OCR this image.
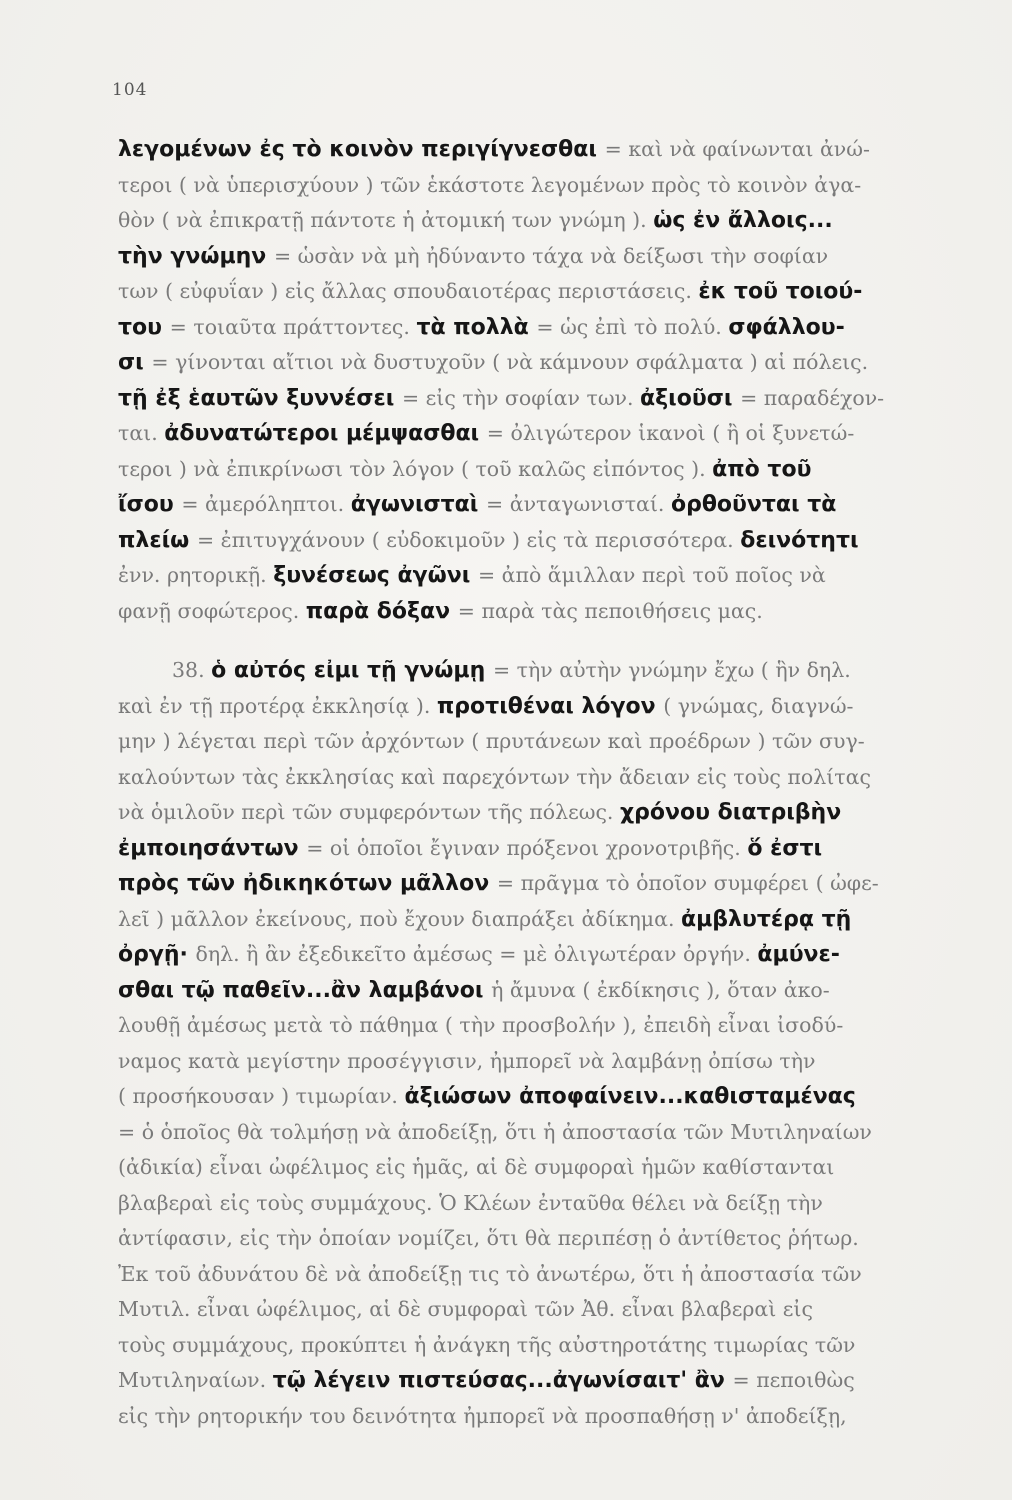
104
λεγομένων ἐς τὸ κοινὸν περιγίγνεσθαι = καὶ νὰ φαίνωνται ἀνώ-
τεροι ( νὰ ὑπερισχύουν ) τῶν ἑκάστοτε λεγομένων πρὸς τὸ κοινὸν ἀγα-
θὸν ( νὰ ἐπικρατῇ πάντοτε ἡ ἀτομική των γνώμη ). ὡς ἐν ἄλλοις...
τὴν γνώμην = ὡσὰν νὰ μὴ ἠδύναντο τάχα νὰ δείξωσι τὴν σοφίαν
των ( εὐφυΐαν ) εἰς ἄλλας σπουδαιοτέρας περιστάσεις. ἐκ τοῦ τοιού-
του = τοιαῦτα πράττοντες. τὰ πολλὰ = ὡς ἐπὶ τὸ πολύ. σφάλλου-
σι = γίνονται αἴτιοι νὰ δυστυχοῦν ( νὰ κάμνουν σφάλματα ) αἱ πόλεις.
τῇ ἐξ ἑαυτῶν ξυννέσει = εἰς τὴν σοφίαν των. ἀξιοῦσι = παραδέχον-
ται. ἀδυνατώτεροι μέμψασθαι = ὀλιγώτερον ἱκανοὶ ( ἢ οἱ ξυνετώ-
τεροι ) νὰ ἐπικρίνωσι τὸν λόγον ( τοῦ καλῶς εἰπόντος ). ἀπὸ τοῦ
ἴσου = ἀμερόληπτοι. ἀγωνισταὶ = ἀνταγωνισταί. ὀρθοῦνται τὰ
πλείω = ἐπιτυγχάνουν ( εὐδοκιμοῦν ) εἰς τὰ περισσότερα. δεινότητι
ἐνν. ρητορικῇ. ξυνέσεως ἀγῶνι = ἀπὸ ἅμιλλαν περὶ τοῦ ποῖος νὰ
φανῇ σοφώτερος. παρὰ δόξαν = παρὰ τὰς πεποιθήσεις μας.
38. ὁ αὐτός εἰμι τῇ γνώμῃ = τὴν αὐτὴν γνώμην ἔχω ( ἣν δηλ.
καὶ ἐν τῇ προτέρᾳ ἐκκλησίᾳ ). προτιθέναι λόγον ( γνώμας, διαγνώ-
μην ) λέγεται περὶ τῶν ἀρχόντων ( πρυτάνεων καὶ προέδρων ) τῶν συγ-
καλούντων τὰς ἐκκλησίας καὶ παρεχόντων τὴν ἄδειαν εἰς τοὺς πολίτας
νὰ ὁμιλοῦν περὶ τῶν συμφερόντων τῆς πόλεως. χρόνου διατριβὴν
ἐμποιησάντων = οἱ ὁποῖοι ἔγιναν πρόξενοι χρονοτριβῆς. ὅ ἐστι
πρὸς τῶν ἠδικηκότων μᾶλλον = πρᾶγμα τὸ ὁποῖον συμφέρει ( ὠφε-
λεῖ ) μᾶλλον ἐκείνους, ποὺ ἔχουν διαπράξει ἀδίκημα. ἀμβλυτέρᾳ τῇ
ὀργῇ· δηλ. ἢ ἂν ἐξεδικεῖτο ἀμέσως = μὲ ὀλιγωτέραν ὀργήν. ἀμύνε-
σθαι τῷ παθεῖν...ἂν λαμβάνοι ἡ ἄμυνα ( ἐκδίκησις ), ὅταν ἀκο-
λουθῇ ἀμέσως μετὰ τὸ πάθημα ( τὴν προσβολήν ), ἐπειδὴ εἶναι ἰσοδύ-
ναμος κατὰ μεγίστην προσέγγισιν, ἠμπορεῖ νὰ λαμβάνῃ ὀπίσω τὴν
( προσήκουσαν ) τιμωρίαν. ἀξιώσων ἀποφαίνειν...καθισταμένας
= ὁ ὁποῖος θὰ τολμήσῃ νὰ ἀποδείξῃ, ὅτι ἡ ἀποστασία τῶν Μυτιληναίων
(ἀδικία) εἶναι ὠφέλιμος εἰς ἡμᾶς, αἱ δὲ συμφοραὶ ἡμῶν καθίστανται
βλαβεραὶ εἰς τοὺς συμμάχους. Ὁ Κλέων ἐνταῦθα θέλει νὰ δείξῃ τὴν
ἀντίφασιν, εἰς τὴν ὁποίαν νομίζει, ὅτι θὰ περιπέσῃ ὁ ἀντίθετος ῥήτωρ.
Ἐκ τοῦ ἀδυνάτου δὲ νὰ ἀποδείξῃ τις τὸ ἀνωτέρω, ὅτι ἡ ἀποστασία τῶν
Μυτιλ. εἶναι ὠφέλιμος, αἱ δὲ συμφοραὶ τῶν Ἀθ. εἶναι βλαβεραὶ εἰς
τοὺς συμμάχους, προκύπτει ἡ ἀνάγκη τῆς αὐστηροτάτης τιμωρίας τῶν
Μυτιληναίων. τῷ λέγειν πιστεύσας...ἀγωνίσαιτ' ἂν = πεποιθὼς
εἰς τὴν ρητορικήν του δεινότητα ἠμπορεῖ νὰ προσπαθήσῃ ν' ἀποδείξῃ,
